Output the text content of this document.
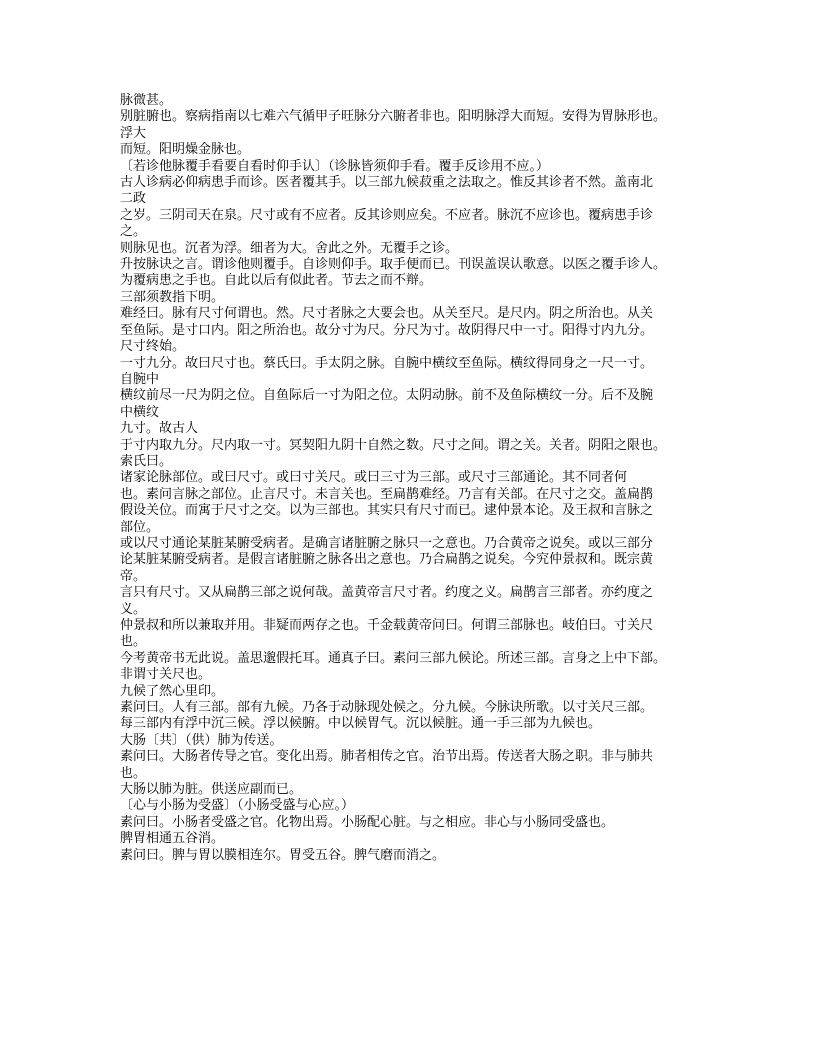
脉微甚。

别脏腑也。察病指南以七难六气循甲子旺脉分六腑者非也。阳明脉浮大而短。安得为胃脉形也。

浮大

而短。阳明燥金脉也。

〔若诊他脉覆手看要自看时仰手认〕（诊脉皆须仰手看。覆手反诊用不应。）

古人诊病必仰病患手而诊。医者覆其手。以三部九候菽重之法取之。惟反其诊者不然。盖南北

二政

之岁。三阴司天在泉。尺寸或有不应者。反其诊则应矣。不应者。脉沉不应诊也。覆病患手诊

之。

则脉见也。沉者为浮。细者为大。舍此之外。无覆手之诊。

升按脉诀之言。谓诊他则覆手。自诊则仰手。取手便而已。刊误盖误认歌意。以医之覆手诊人。

为覆病患之手也。自此以后有似此者。节去之而不辩。

三部须教指下明。

难经曰。脉有尺寸何谓也。然。尺寸者脉之大要会也。从关至尺。是尺内。阴之所治也。从关

至鱼际。是寸口内。阳之所治也。故分寸为尺。分尺为寸。故阴得尺中一寸。阳得寸内九分。

尺寸终始。

一寸九分。故曰尺寸也。蔡氏曰。手太阴之脉。自腕中横纹至鱼际。横纹得同身之一尺一寸。

自腕中

横纹前尽一尺为阴之位。自鱼际后一寸为阳之位。太阴动脉。前不及鱼际横纹一分。后不及腕

中横纹

九寸。故古人

于寸内取九分。尺内取一寸。冥契阳九阴十自然之数。尺寸之间。谓之关。关者。阴阳之限也。

索氏曰。

诸家论脉部位。或曰尺寸。或曰寸关尺。或曰三寸为三部。或尺寸三部通论。其不同者何

也。素问言脉之部位。止言尺寸。未言关也。至扁鹊难经。乃言有关部。在尺寸之交。盖扁鹊

假设关位。而寓于尺寸之交。以为三部也。其实只有尺寸而已。逮仲景本论。及王叔和言脉之

部位。

或以尺寸通论某脏某腑受病者。是确言诸脏腑之脉只一之意也。乃合黄帝之说矣。或以三部分

论某脏某腑受病者。是假言诸脏腑之脉各出之意也。乃合扁鹊之说矣。今究仲景叔和。既宗黄

帝。

言只有尺寸。又从扁鹊三部之说何哉。盖黄帝言尺寸者。约度之义。扁鹊言三部者。亦约度之

义。

仲景叔和所以兼取并用。非疑而两存之也。千金载黄帝问曰。何谓三部脉也。岐伯曰。寸关尺

也。

今考黄帝书无此说。盖思邈假托耳。通真子曰。素问三部九候论。所述三部。言身之上中下部。

非谓寸关尺也。

九候了然心里印。

素问曰。人有三部。部有九候。乃各于动脉现处候之。分九候。今脉诀所歌。以寸关尺三部。

每三部内有浮中沉三候。浮以候腑。中以候胃气。沉以候脏。通一手三部为九候也。

大肠〔共〕（供）肺为传送。

素问曰。大肠者传导之官。变化出焉。肺者相传之官。治节出焉。传送者大肠之职。非与肺共

也。

大肠以肺为脏。供送应副而已。

〔心与小肠为受盛〕（小肠受盛与心应。）

素问曰。小肠者受盛之官。化物出焉。小肠配心脏。与之相应。非心与小肠同受盛也。

脾胃相通五谷消。

素问曰。脾与胃以膜相连尔。胃受五谷。脾气磨而消之。
